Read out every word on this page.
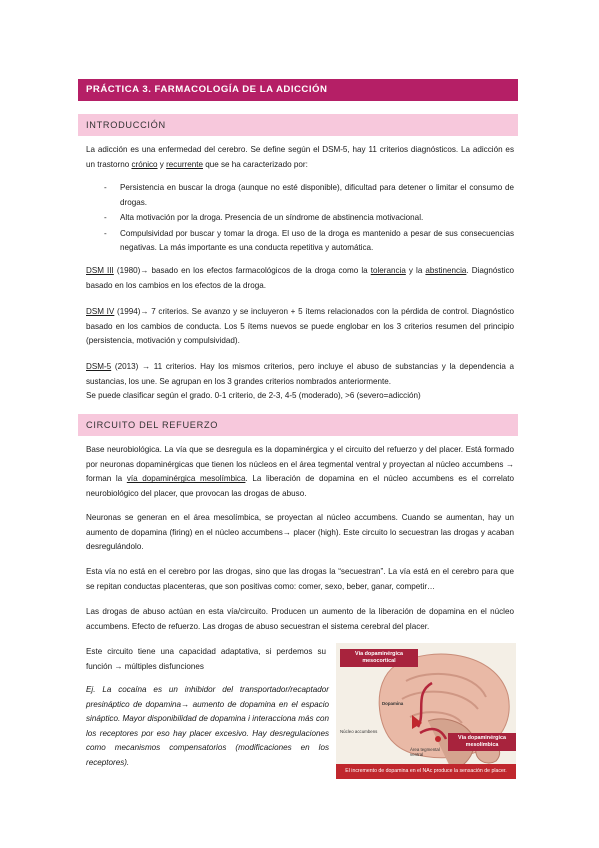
PRÁCTICA 3. FARMACOLOGÍA DE LA ADICCIÓN
INTRODUCCIÓN

La adicción es una enfermedad del cerebro. Se define según el DSM-5, hay 11 criterios diagnósticos. La adicción es un trastorno crónico y recurrente que se ha caracterizado por:

- Persistencia en buscar la droga (aunque no esté disponible), dificultad para detener o limitar el consumo de drogas.
- Alta motivación por la droga. Presencia de un síndrome de abstinencia motivacional.
- Compulsividad por buscar y tomar la droga. El uso de la droga es mantenido a pesar de sus consecuencias negativas. La más importante es una conducta repetitiva y automática.

DSM III (1980)→ basado en los efectos farmacológicos de la droga como la tolerancia y la abstinencia. Diagnóstico basado en los cambios en los efectos de la droga.

DSM IV (1994)→ 7 criterios. Se avanzo y se incluyeron + 5 ítems relacionados con la pérdida de control. Diagnóstico basado en los cambios de conducta. Los 5 ítems nuevos se puede englobar en los 3 criterios resumen del principio (persistencia, motivación y compulsividad).

DSM-5 (2013) → 11 criterios. Hay los mismos criterios, pero incluye el abuso de substancias y la dependencia a sustancias, los une. Se agrupan en los 3 grandes criterios nombrados anteriormente.
Se puede clasificar según el grado. 0-1 criterio, de 2-3, 4-5 (moderado), >6 (severo=adicción)

CIRCUITO DEL REFUERZO

Base neurobiológica. La vía que se desregula es la dopaminérgica y el circuito del refuerzo y del placer. Está formado por neuronas dopaminérgicas que tienen los núcleos en el área tegmental ventral y proyectan al núcleo accumbens → forman la vía dopaminérgica mesolímbica. La liberación de dopamina en el núcleo accumbens es el correlato neurobiológico del placer, que provocan las drogas de abuso.

Neuronas se generan en el área mesolímbica, se proyectan al núcleo accumbens. Cuando se aumentan, hay un aumento de dopamina (firing) en el núcleo accumbens→ placer (high). Este circuito lo secuestran las drogas y acaban desregulándolo.

Esta vía no está en el cerebro por las drogas, sino que las drogas la “secuestran”. La vía está en el cerebro para que se repitan conductas placenteras, que son positivas como: comer, sexo, beber, ganar, competir…

Las drogas de abuso actúan en esta vía/circuito. Producen un aumento de la liberación de dopamina en el núcleo accumbens. Efecto de refuerzo. Las drogas de abuso secuestran el sistema cerebral del placer.

Este circuito tiene una capacidad adaptativa, si perdemos su función → múltiples disfunciones

Ej. La cocaína es un inhibidor del transportador/recaptador presináptico de dopamina→ aumento de dopamina en el espacio sináptico. Mayor disponibilidad de dopamina i interacciona más con los receptores por eso hay placer excesivo. Hay desregulaciones como mecanismos compensatorios (modificaciones en los receptores).

Vía dopaminérgica mesocortical
Vía dopaminérgica mesolímbica
Dopamina
Núcleo accumbens
Área tegmental ventral
El incremento de dopamina en el NAc produce la sensación de placer.
